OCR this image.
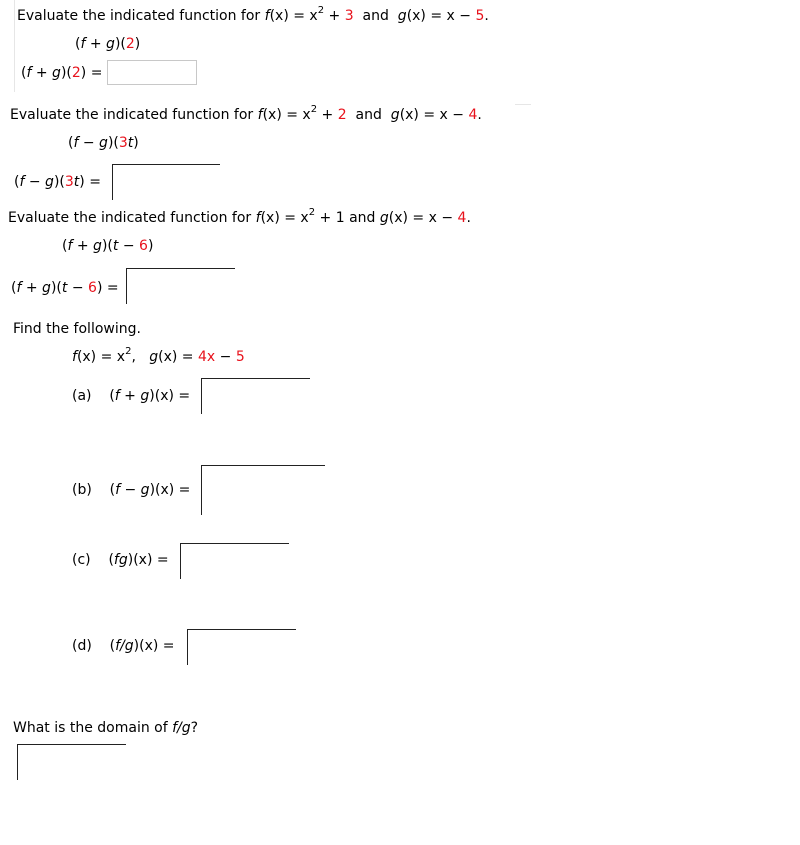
Evaluate the indicated function for $f(x) = x^2 + 3$ and g(x) = x − 5.
(f + g)(2)
(f + g)(2) =
Evaluate the indicated function for $f(x) = x^2 + 2$ and g(x) = x − 4.
(f − g)(3t)
(f − g)(3t) =
Evaluate the indicated function for $f(x) = x^2 + 1$ and g(x) = x − 4.
(f + g)(t − 6)
(f + g)(t − 6) =
Find the following.
$f(x) = x^2$, g(x) = 4x − 5
(a) (f + g)(x) =
(b) (f − g)(x) =
(c) (fg)(x) =
(d) (f/g)(x) =
What is the domain of f/g?
